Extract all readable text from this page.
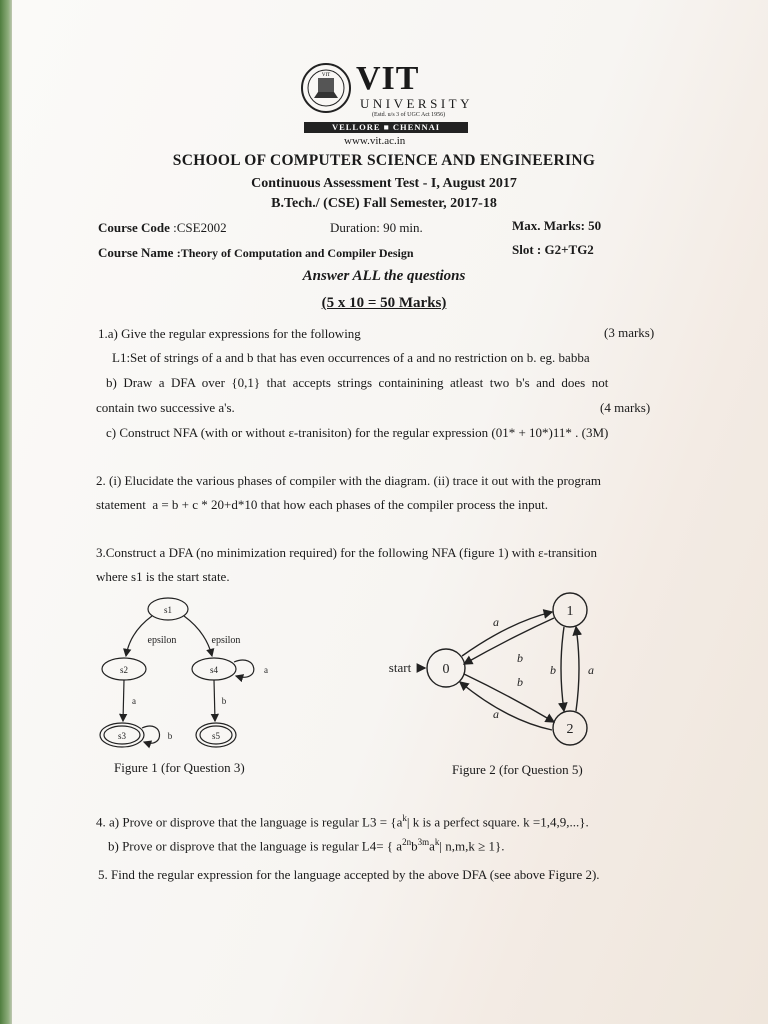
VIT VIT
UNIVERSITY
(Estd. u/s 3 of UGC Act 1956)
VELLORE ■ CHENNAI
www.vit.ac.in
SCHOOL OF COMPUTER SCIENCE AND ENGINEERING
Continuous Assessment Test - I, August 2017
B.Tech./ (CSE) Fall Semester, 2017-18
Course Code :CSE2002	Duration: 90 min.	Max. Marks: 50
Course Name :Theory of Computation and Compiler Design	Slot : G2+TG2
Answer ALL the questions
(5 x 10 = 50 Marks)
1.a) Give the regular expressions for the following	(3 marks)
L1:Set of strings of a and b that has even occurrences of a and no restriction on b. eg. babba
b)  Draw  a  DFA  over  {0,1}  that  accepts  strings  containining  atleast  two  b's  and  does  not
contain two successive a's.	(4 marks)
c) Construct NFA (with or without ε-tranisiton) for the regular expression (01* + 10*)11* . (3M)
2. (i) Elucidate the various phases of compiler with the diagram. (ii) trace it out with the program
statement  a = b + c * 20+d*10 that how each phases of the compiler process the input.
3.Construct a DFA (no minimization required) for the following NFA (figure 1) with ε-transition
where s1 is the start state.
s1
s2	s4
s3	s5
epsilon	epsilon
a
a	b
b
Figure 1 (for Question 3)
start 0
1
2
a
b
b
a
b	a
Figure 2 (for Question 5)
4. a) Prove or disprove that the language is regular $L3 = \{a^k|$ k is a perfect square. k =1,4,9,...}.
b) Prove or disprove that the language is regular L4= { $a^{2n}b^{3m}a^k|$ n,m,k ≥ 1}.
5. Find the regular expression for the language accepted by the above DFA (see above Figure 2).
